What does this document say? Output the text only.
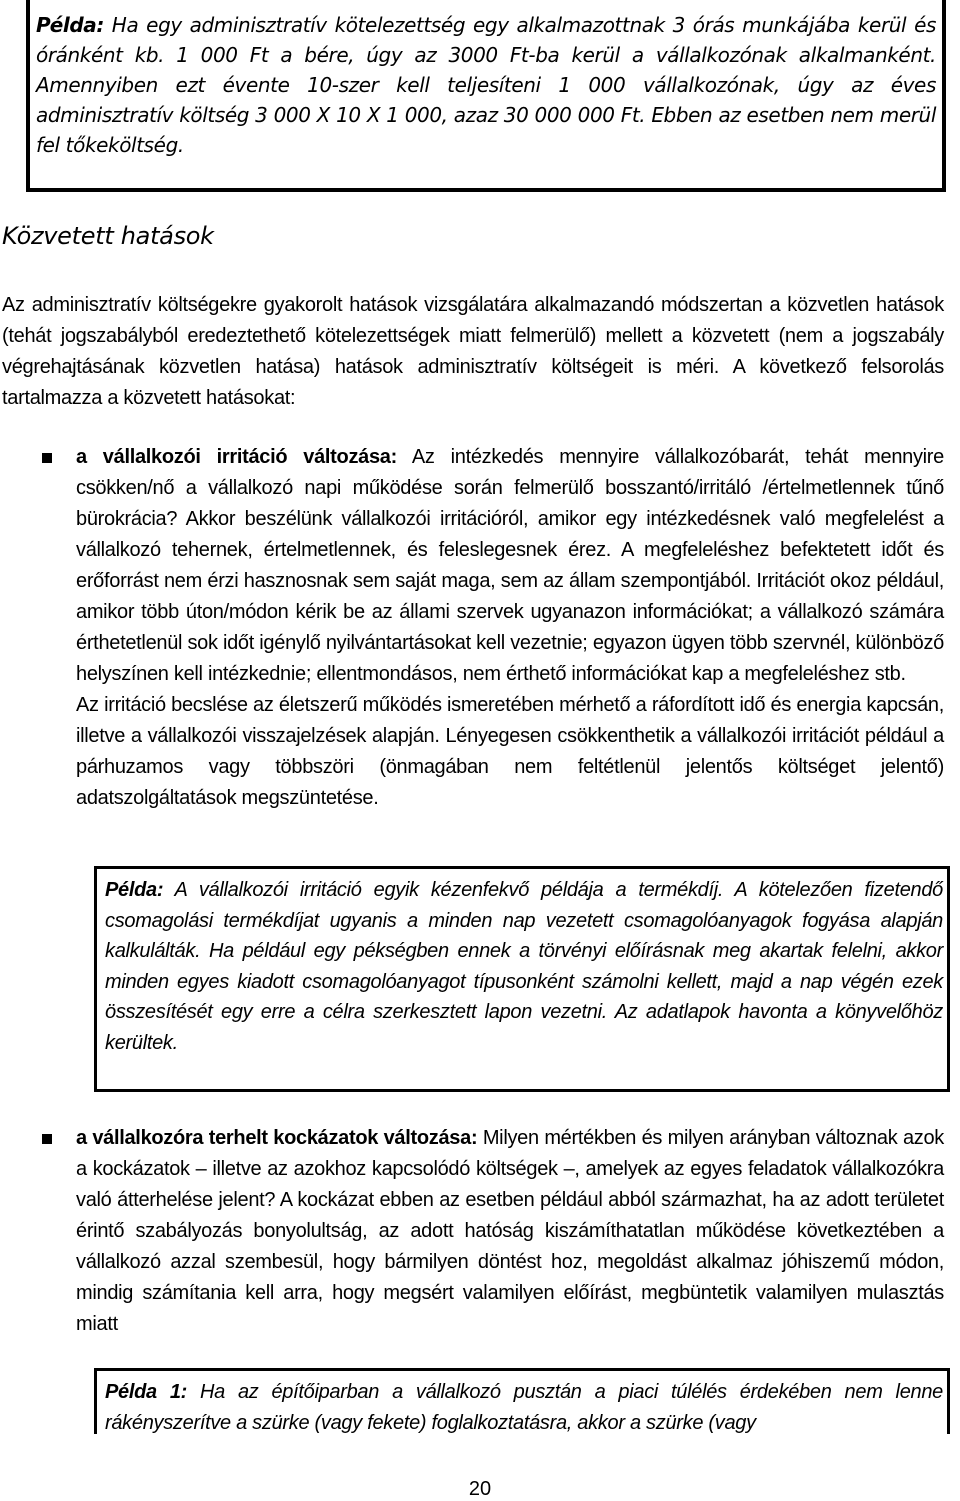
Példa: Ha egy adminisztratív kötelezettség egy alkalmazottnak 3 órás munkájába kerül és óránként kb. 1 000 Ft a bére, úgy az 3000 Ft-ba kerül a vállalkozónak alkalmanként. Amennyiben ezt évente 10-szer kell teljesíteni 1 000 vállalkozónak, úgy az éves adminisztratív költség 3 000 X 10 X 1 000, azaz 30 000 000 Ft. Ebben az esetben nem merül fel tőkeköltség.
Közvetett hatások
Az adminisztratív költségekre gyakorolt hatások vizsgálatára alkalmazandó módszertan a közvetlen hatások (tehát jogszabályból eredeztethető kötelezettségek miatt felmerülő) mellett a közvetett (nem a jogszabály végrehajtásának közvetlen hatása) hatások adminisztratív költségeit is méri. A következő felsorolás tartalmazza a közvetett hatásokat:
a vállalkozói irritáció változása: Az intézkedés mennyire vállalkozóbarát, tehát mennyire csökken/nő a vállalkozó napi működése során felmerülő bosszantó/irritáló /értelmetlennek tűnő bürokrácia? Akkor beszélünk vállalkozói irritációról, amikor egy intézkedésnek való megfelelést a vállalkozó tehernek, értelmetlennek, és feleslegesnek érez. A megfeleléshez befektetett időt és erőforrást nem érzi hasznosnak sem saját maga, sem az állam szempontjából. Irritációt okoz például, amikor több úton/módon kérik be az állami szervek ugyanazon információkat; a vállalkozó számára érthetetlenül sok időt igénylő nyilvántartásokat kell vezetnie; egyazon ügyen több szervnél, különböző helyszínen kell intézkednie; ellentmondásos, nem érthető információkat kap a megfeleléshez stb.
Az irritáció becslése az életszerű működés ismeretében mérhető a ráfordított idő és energia kapcsán, illetve a vállalkozói visszajelzések alapján. Lényegesen csökkenthetik a vállalkozói irritációt például a párhuzamos vagy többszöri (önmagában nem feltétlenül jelentős költséget jelentő) adatszolgáltatások megszüntetése.
Példa: A vállalkozói irritáció egyik kézenfekvő példája a termékdíj. A kötelezően fizetendő csomagolási termékdíjat ugyanis a minden nap vezetett csomagolóanyagok fogyása alapján kalkulálták. Ha például egy pékségben ennek a törvényi előírásnak meg akartak felelni, akkor minden egyes kiadott csomagolóanyagot típusonként számolni kellett, majd a nap végén ezek összesítését egy erre a célra szerkesztett lapon vezetni. Az adatlapok havonta a könyvelőhöz kerültek.
a vállalkozóra terhelt kockázatok változása: Milyen mértékben és milyen arányban változnak azok a kockázatok – illetve az azokhoz kapcsolódó költségek –, amelyek az egyes feladatok vállalkozókra való átterhelése jelent? A kockázat ebben az esetben például abból származhat, ha az adott területet érintő szabályozás bonyolultság, az adott hatóság kiszámíthatatlan működése következtében a vállalkozó azzal szembesül, hogy bármilyen döntést hoz, megoldást alkalmaz jóhiszemű módon, mindig számítania kell arra, hogy megsért valamilyen előírást, megbüntetik valamilyen mulasztás miatt
Példa 1: Ha az építőiparban a vállalkozó pusztán a piaci túlélés érdekében nem lenne rákényszerítve a szürke (vagy fekete) foglalkoztatásra, akkor a szürke (vagy
20
